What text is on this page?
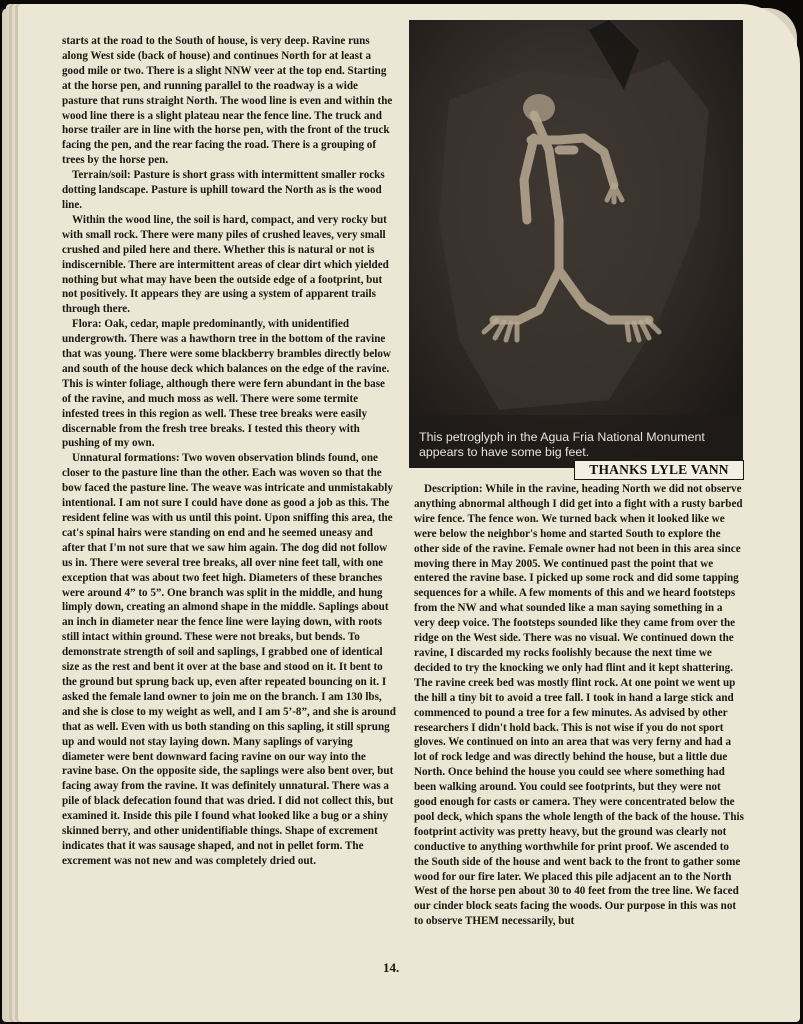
starts at the road to the South of house, is very deep. Ravine runs along West side (back of house) and continues North for at least a good mile or two. There is a slight NNW veer at the top end. Starting at the horse pen, and running parallel to the roadway is a wide pasture that runs straight North. The wood line is even and within the wood line there is a slight plateau near the fence line. The truck and horse trailer are in line with the horse pen, with the front of the truck facing the pen, and the rear facing the road. There is a grouping of trees by the horse pen.

Terrain/soil: Pasture is short grass with intermittent smaller rocks dotting landscape. Pasture is uphill toward the North as is the wood line.

Within the wood line, the soil is hard, compact, and very rocky but with small rock. There were many piles of crushed leaves, very small crushed and piled here and there. Whether this is natural or not is indiscernible. There are intermittent areas of clear dirt which yielded nothing but what may have been the outside edge of a footprint, but not positively. It appears they are using a system of apparent trails through there.

Flora: Oak, cedar, maple predominantly, with unidentified undergrowth. There was a hawthorn tree in the bottom of the ravine that was young. There were some blackberry brambles directly below and south of the house deck which balances on the edge of the ravine.

This is winter foliage, although there were fern abundant in the base of the ravine, and much moss as well. There were some termite infested trees in this region as well. These tree breaks were easily discernable from the fresh tree breaks. I tested this theory with pushing of my own.

Unnatural formations: Two woven observation blinds found, one closer to the pasture line than the other. Each was woven so that the bow faced the pasture line. The weave was intricate and unmistakably intentional. I am not sure I could have done as good a job as this. The resident feline was with us until this point. Upon sniffing this area, the cat's spinal hairs were standing on end and he seemed uneasy and after that I'm not sure that we saw him again. The dog did not follow us in. There were several tree breaks, all over nine feet tall, with one exception that was about two feet high. Diameters of these branches were around 4” to 5”. One branch was split in the middle, and hung limply down, creating an almond shape in the middle. Saplings about an inch in diameter near the fence line were laying down, with roots still intact within ground. These were not breaks, but bends. To demonstrate strength of soil and saplings, I grabbed one of identical size as the rest and bent it over at the base and stood on it. It bent to the ground but sprung back up, even after repeated bouncing on it. I asked the female land owner to join me on the branch. I am 130 lbs, and she is close to my weight as well, and I am 5’-8”, and she is around that as well. Even with us both standing on this sapling, it still sprung up and would not stay laying down. Many saplings of varying diameter were bent downward facing ravine on our way into the ravine base. On the opposite side, the saplings were also bent over, but facing away from the ravine. It was definitely unnatural. There was a pile of black defecation found that was dried. I did not collect this, but examined it. Inside this pile I found what looked like a bug or a shiny skinned berry, and other unidentifiable things. Shape of excrement indicates that it was sausage shaped, and not in pellet form. The excrement was not new and was completely dried out.

This petroglyph in the Agua Fria National Monument appears to have some big feet.
THANKS LYLE VANN

Description: While in the ravine, heading North we did not observe anything abnormal although I did get into a fight with a rusty barbed wire fence. The fence won. We turned back when it looked like we were below the neighbor's home and started South to explore the other side of the ravine. Female owner had not been in this area since moving there in May 2005. We continued past the point that we entered the ravine base. I picked up some rock and did some tapping sequences for a while. A few moments of this and we heard footsteps from the NW and what sounded like a man saying something in a very deep voice. The footsteps sounded like they came from over the ridge on the West side. There was no visual. We continued down the ravine, I discarded my rocks foolishly because the next time we decided to try the knocking we only had flint and it kept shattering. The ravine creek bed was mostly flint rock. At one point we went up the hill a tiny bit to avoid a tree fall. I took in hand a large stick and commenced to pound a tree for a few minutes. As advised by other researchers I didn't hold back. This is not wise if you do not sport gloves. We continued on into an area that was very ferny and had a lot of rock ledge and was directly behind the house, but a little due North. Once behind the house you could see where something had been walking around. You could see footprints, but they were not good enough for casts or camera. They were concentrated below the pool deck, which spans the whole length of the back of the house. This footprint activity was pretty heavy, but the ground was clearly not conductive to anything worthwhile for print proof. We ascended to the South side of the house and went back to the front to gather some wood for our fire later. We placed this pile adjacent an to the North West of the horse pen about 30 to 40 feet from the tree line. We faced our cinder block seats facing the woods. Our purpose in this was not to observe THEM necessarily, but

14.
